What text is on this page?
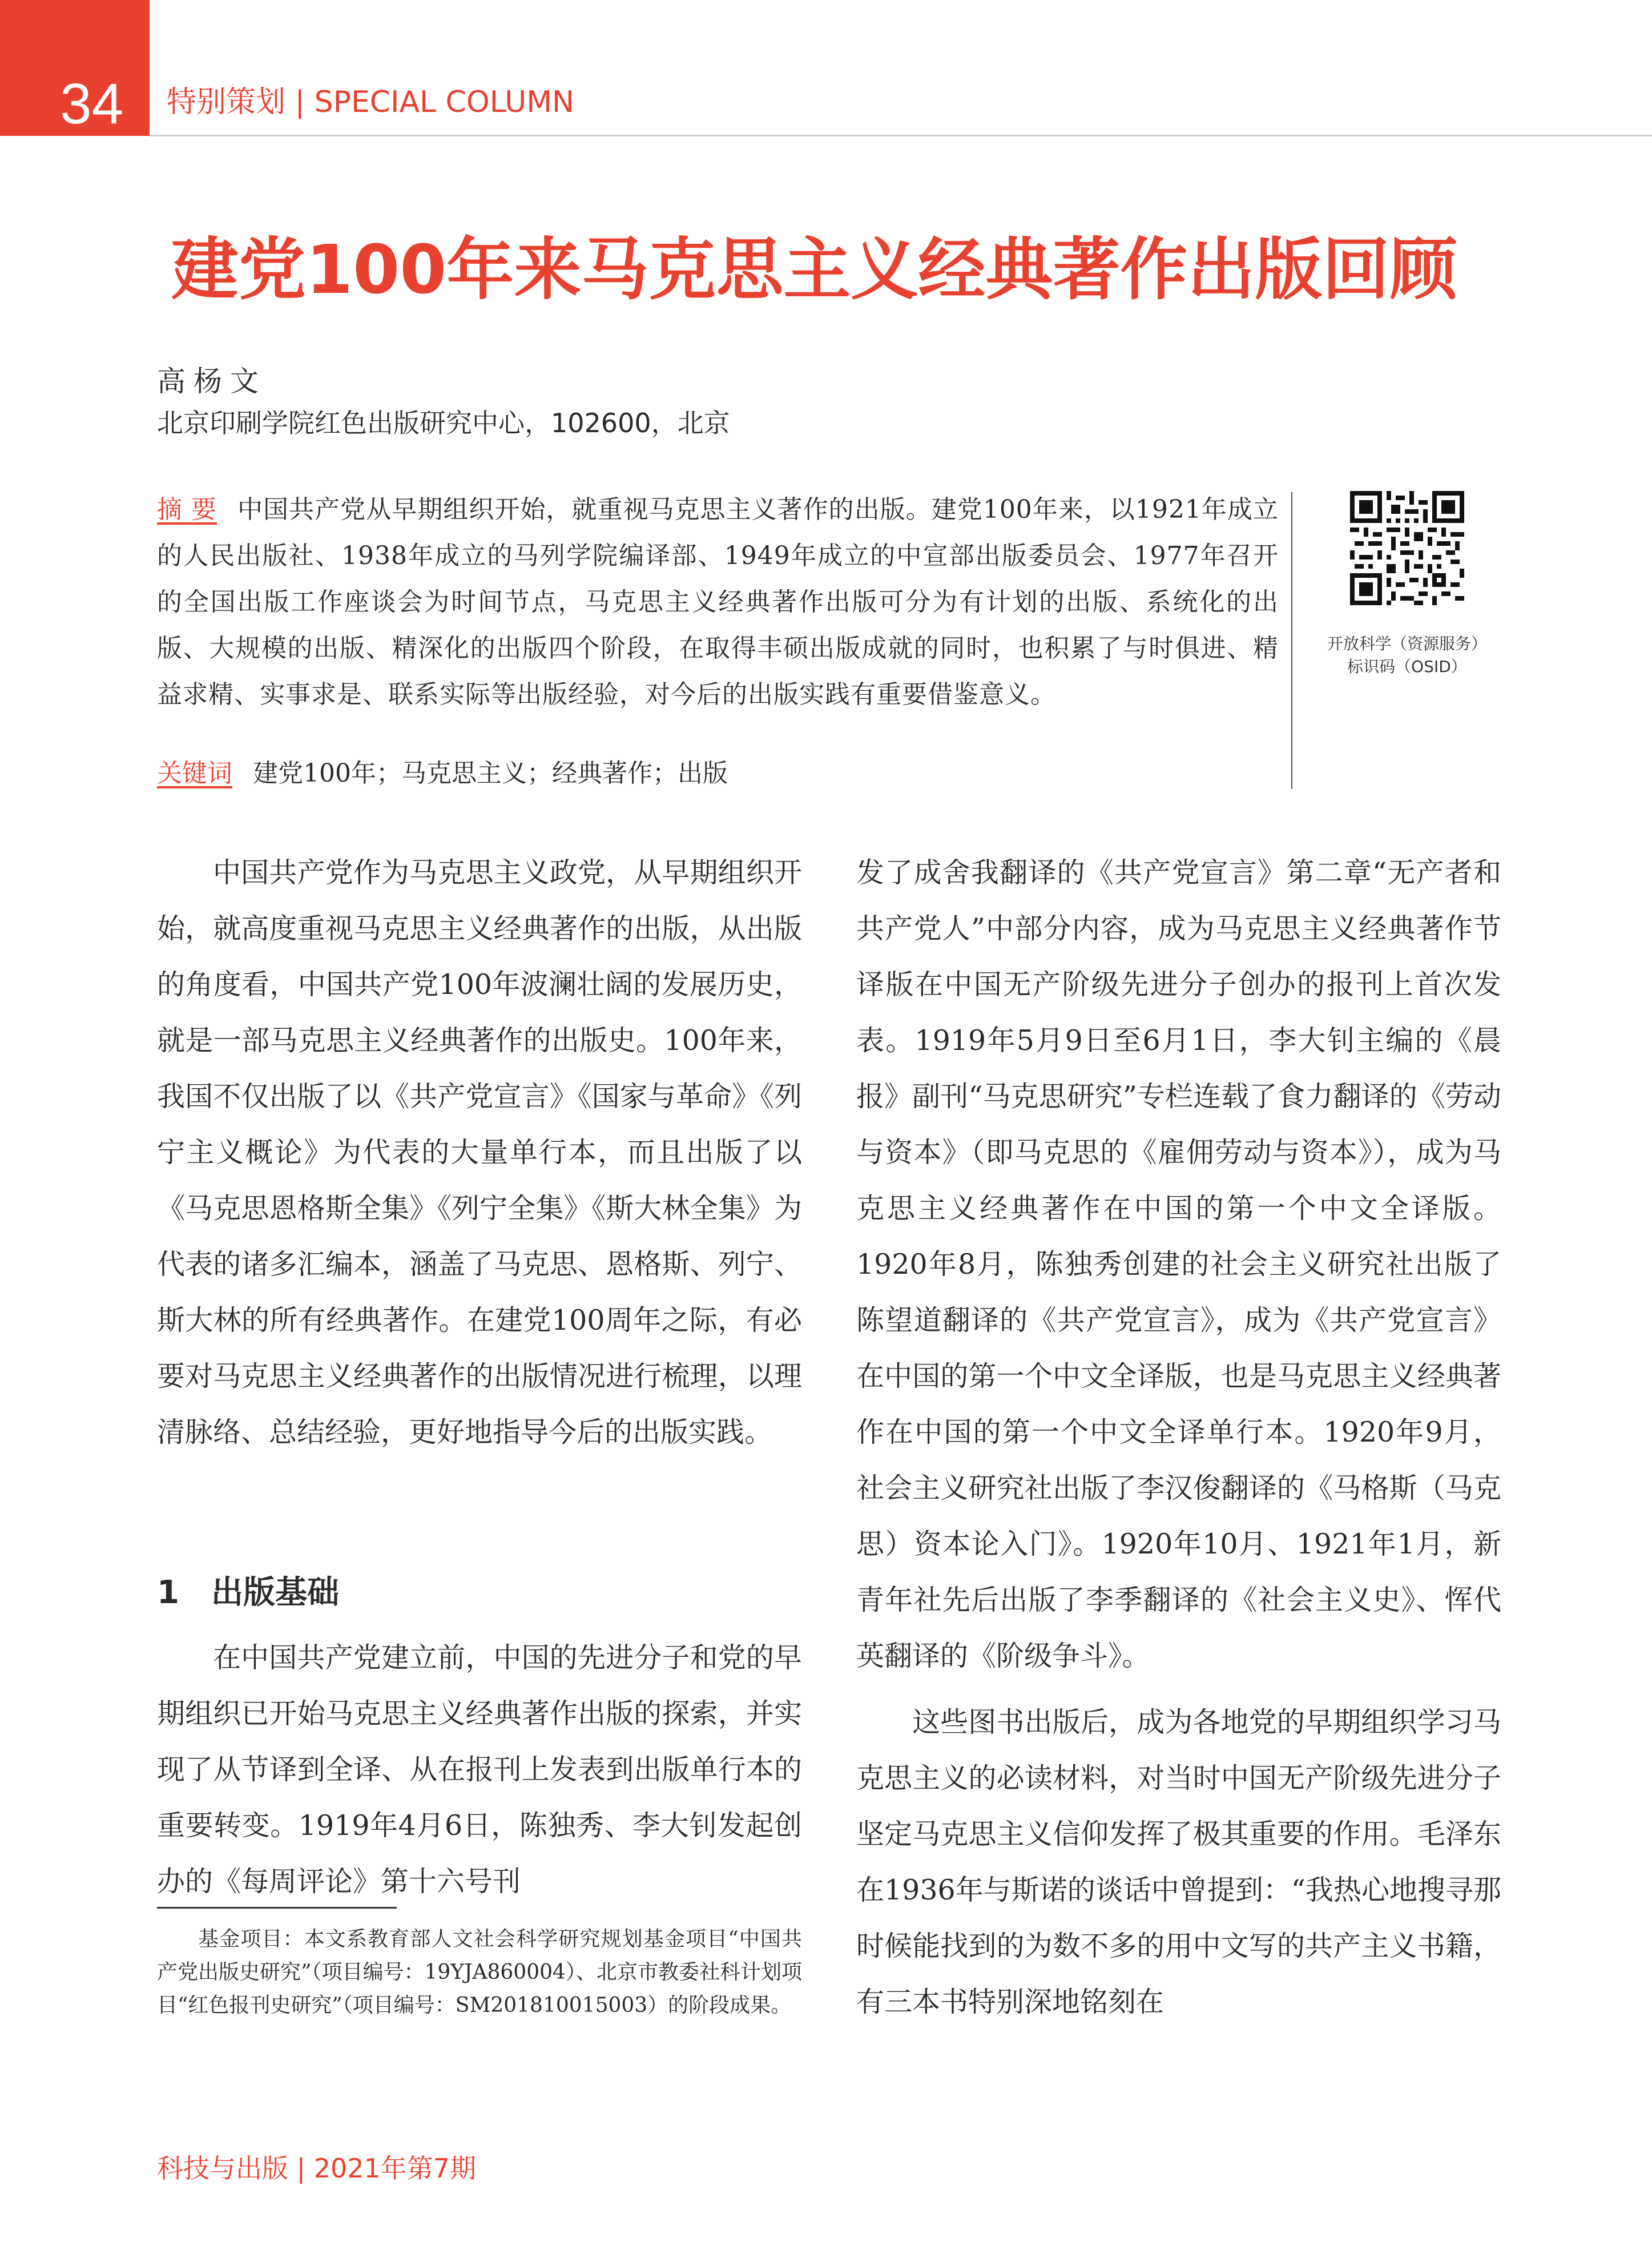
34 特别策划 | SPECIAL COLUMN
建党100年来马克思主义经典著作出版回顾
高杨文
北京印刷学院红色出版研究中心，102600，北京
摘 要 中国共产党从早期组织开始，就重视马克思主义著作的出版。建党100年来，以1921年成立的人民出版社、1938年成立的马列学院编译部、1949年成立的中宣部出版委员会、1977年召开的全国出版工作座谈会为时间节点，马克思主义经典著作出版可分为有计划的出版、系统化的出版、大规模的出版、精深化的出版四个阶段，在取得丰硕出版成就的同时，也积累了与时俱进、精益求精、实事求是、联系实际等出版经验，对今后的出版实践有重要借鉴意义。
关键词 建党100年；马克思主义；经典著作；出版
开放科学（资源服务）
标识码（OSID）

中国共产党作为马克思主义政党，从早期组织开始，就高度重视马克思主义经典著作的出版，从出版的角度看，中国共产党100年波澜壮阔的发展历史，就是一部马克思主义经典著作的出版史。100年来，我国不仅出版了以《共产党宣言》《国家与革命》《列宁主义概论》为代表的大量单行本，而且出版了以《马克思恩格斯全集》《列宁全集》《斯大林全集》为代表的诸多汇编本，涵盖了马克思、恩格斯、列宁、斯大林的所有经典著作。在建党100周年之际，有必要对马克思主义经典著作的出版情况进行梳理，以理清脉络、总结经验，更好地指导今后的出版实践。

1　出版基础

在中国共产党建立前，中国的先进分子和党的早期组织已开始马克思主义经典著作出版的探索，并实现了从节译到全译、从在报刊上发表到出版单行本的重要转变。1919年4月6日，陈独秀、李大钊发起创办的《每周评论》第十六号刊

基金项目：本文系教育部人文社会科学研究规划基金项目“中国共产党出版史研究”（项目编号：19YJA860004）、北京市教委社科计划项目“红色报刊史研究”（项目编号：SM201810015003）的阶段成果。

发了成舍我翻译的《共产党宣言》第二章“无产者和共产党人”中部分内容，成为马克思主义经典著作节译版在中国无产阶级先进分子创办的报刊上首次发表。1919年5月9日至6月1日，李大钊主编的《晨报》副刊“马克思研究”专栏连载了食力翻译的《劳动与资本》（即马克思的《雇佣劳动与资本》），成为马克思主义经典著作在中国的第一个中文全译版。1920年8月，陈独秀创建的社会主义研究社出版了陈望道翻译的《共产党宣言》，成为《共产党宣言》在中国的第一个中文全译版，也是马克思主义经典著作在中国的第一个中文全译单行本。1920年9月，社会主义研究社出版了李汉俊翻译的《马格斯（马克思）资本论入门》。1920年10月、1921年1月，新青年社先后出版了李季翻译的《社会主义史》、恽代英翻译的《阶级争斗》。

这些图书出版后，成为各地党的早期组织学习马克思主义的必读材料，对当时中国无产阶级先进分子坚定马克思主义信仰发挥了极其重要的作用。毛泽东在1936年与斯诺的谈话中曾提到：“我热心地搜寻那时候能找到的为数不多的用中文写的共产主义书籍，有三本书特别深地铭刻在

科技与出版 | 2021年第7期
